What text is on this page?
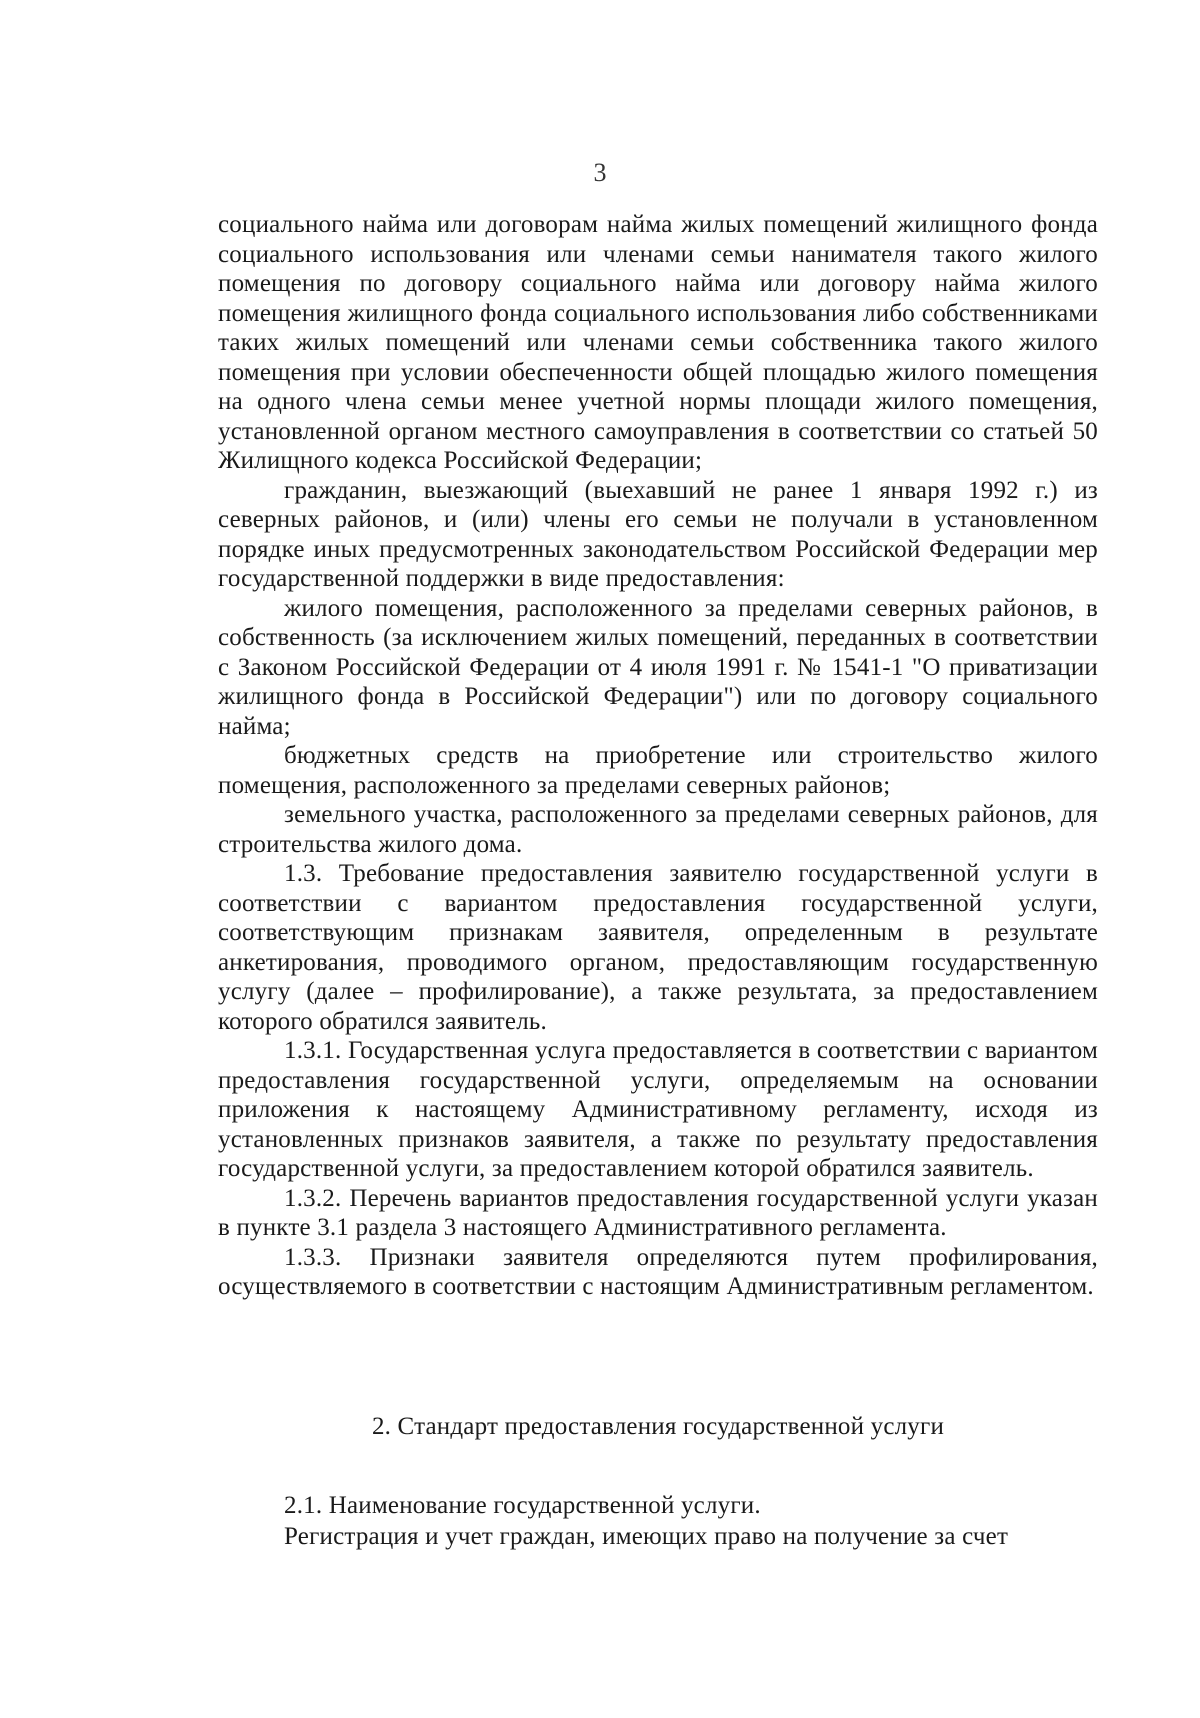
3

социального найма или договорам найма жилых помещений жилищного фонда социального использования или членами семьи нанимателя такого жилого помещения по договору социального найма или договору найма жилого помещения жилищного фонда социального использования либо собственниками таких жилых помещений или членами семьи собственника такого жилого помещения при условии обеспеченности общей площадью жилого помещения на одного члена семьи менее учетной нормы площади жилого помещения, установленной органом местного самоуправления в соответствии со статьей 50 Жилищного кодекса Российской Федерации;

гражданин, выезжающий (выехавший не ранее 1 января 1992 г.) из северных районов, и (или) члены его семьи не получали в установленном порядке иных предусмотренных законодательством Российской Федерации мер государственной поддержки в виде предоставления:

жилого помещения, расположенного за пределами северных районов, в собственность (за исключением жилых помещений, переданных в соответствии с Законом Российской Федерации от 4 июля 1991 г. № 1541-1 "О приватизации жилищного фонда в Российской Федерации") или по договору социального найма;

бюджетных средств на приобретение или строительство жилого помещения, расположенного за пределами северных районов;

земельного участка, расположенного за пределами северных районов, для строительства жилого дома.

1.3. Требование предоставления заявителю государственной услуги в соответствии с вариантом предоставления государственной услуги, соответствующим признакам заявителя, определенным в результате анкетирования, проводимого органом, предоставляющим государственную услугу (далее – профилирование), а также результата, за предоставлением которого обратился заявитель.

1.3.1. Государственная услуга предоставляется в соответствии с вариантом предоставления государственной услуги, определяемым на основании приложения к настоящему Административному регламенту, исходя из установленных признаков заявителя, а также по результату предоставления государственной услуги, за предоставлением которой обратился заявитель.

1.3.2. Перечень вариантов предоставления государственной услуги указан в пункте 3.1 раздела 3 настоящего Административного регламента.

1.3.3. Признаки заявителя определяются путем профилирования, осуществляемого в соответствии с настоящим Административным регламентом.

2. Стандарт предоставления государственной услуги

2.1. Наименование государственной услуги.

Регистрация и учет граждан, имеющих право на получение за счет
